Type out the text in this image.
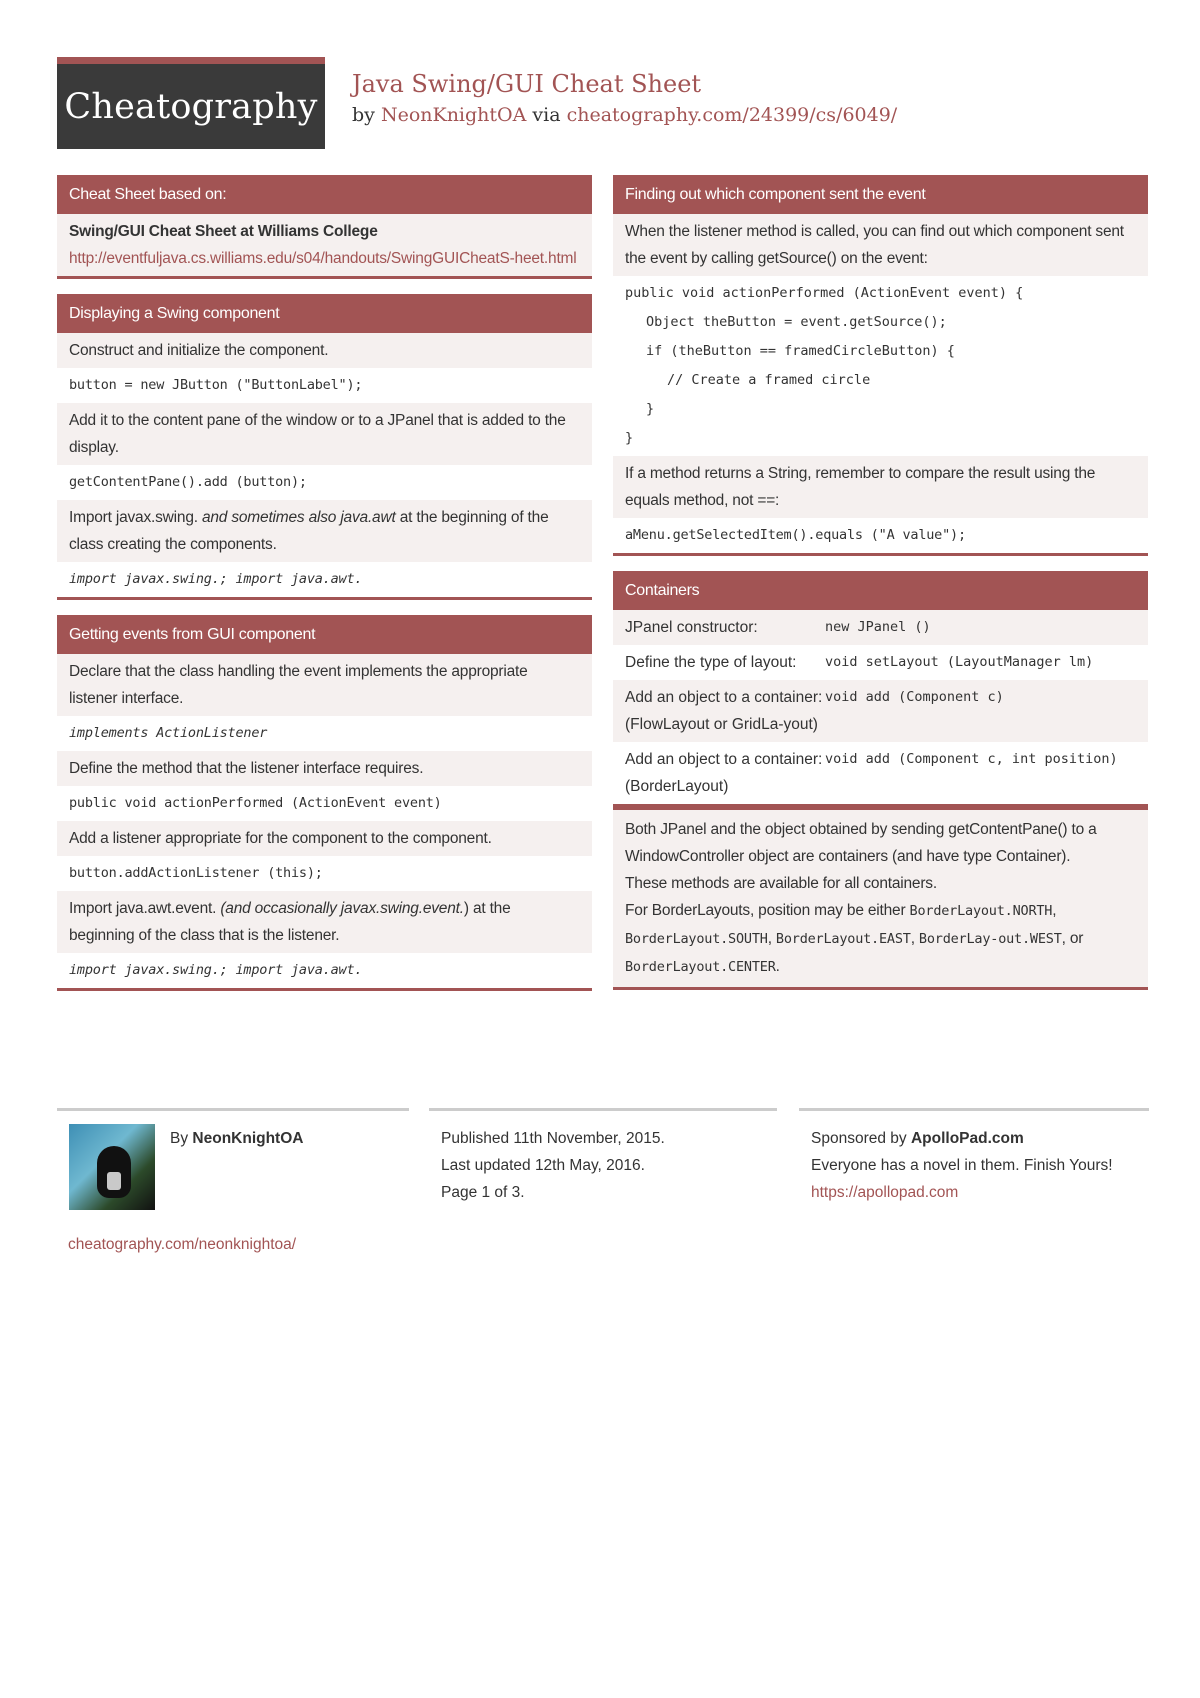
Cheatography
Java Swing/GUI Cheat Sheet
by NeonKnightOA via cheatography.com/24399/cs/6049/
Cheat Sheet based on:
Swing/GUI Cheat Sheet at Williams College
http://eventfuljava.cs.williams.edu/s04/handouts/SwingGUICheatS-heet.html
Displaying a Swing component
Construct and initialize the component.
button = new JButton ("ButtonLabel");
Add it to the content pane of the window or to a JPanel that is added to the display.
getContentPane().add (button);
Import javax.swing. and sometimes also java.awt at the beginning of the class creating the components.
import javax.swing.; import java.awt.
Getting events from GUI component
Declare that the class handling the event implements the appropriate listener interface.
implements ActionListener
Define the method that the listener interface requires.
public void actionPerformed (ActionEvent event)
Add a listener appropriate for the component to the component.
button.addActionListener (this);
Import java.awt.event. (and occasionally javax.swing.event.) at the beginning of the class that is the listener.
import javax.swing.; import java.awt.
Finding out which component sent the event
When the listener method is called, you can find out which component sent the event by calling getSource() on the event:
public void actionPerformed (ActionEvent event) {
Object theButton = event.getSource();
if (theButton == framedCircleButton) {
// Create a framed circle
}
}
If a method returns a String, remember to compare the result using the equals method, not ==:
aMenu.getSelectedItem().equals ("A value");
Containers
JPanel constructor:	new JPanel ()
Define the type of layout:	void setLayout (LayoutManager lm)
Add an object to a container:
(FlowLayout or GridLa-yout)
void add (Component c)
Add an object to a container:
(BorderLayout)
void add (Component c, int position)
Both JPanel and the object obtained by sending getContentPane() to a WindowController object are containers (and have type Container).
These methods are available for all containers.
For BorderLayouts, position may be either BorderLayout.NORTH, BorderLayout.SOUTH, BorderLayout.EAST, BorderLay-out.WEST, or BorderLayout.CENTER.
By NeonKnightOA
cheatography.com/neonknightoa/
Published 11th November, 2015.
Last updated 12th May, 2016.
Page 1 of 3.
Sponsored by ApolloPad.com
Everyone has a novel in them. Finish Yours!
https://apollopad.com
